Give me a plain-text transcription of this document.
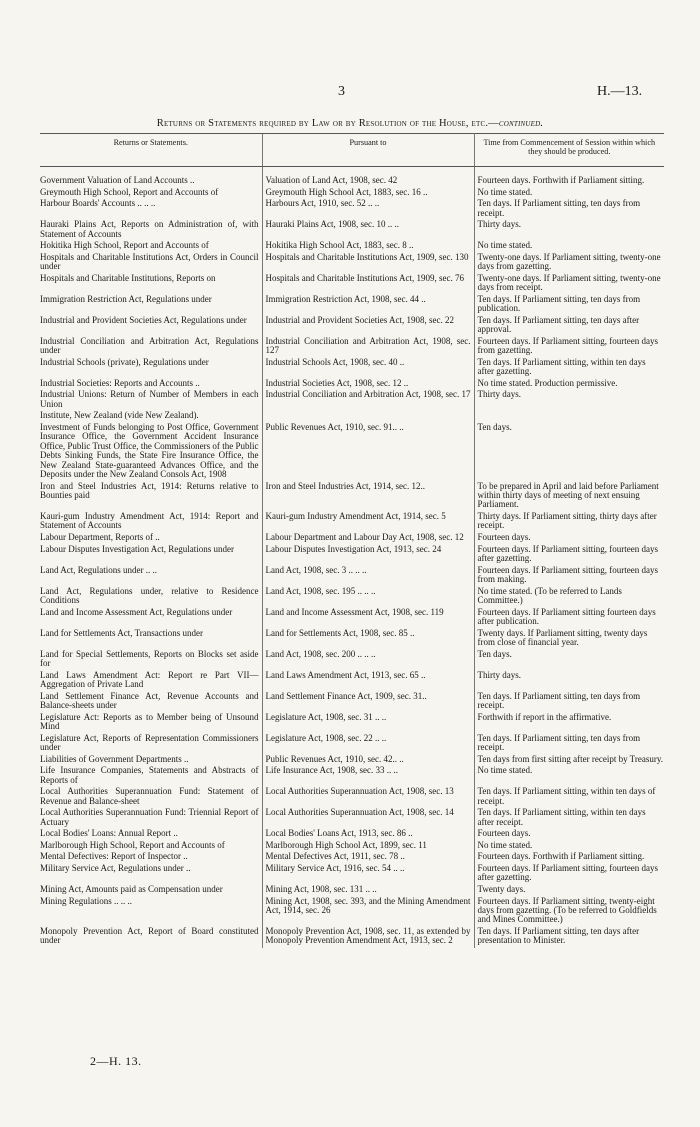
3	H.—13.
Returns or Statements required by Law or by Resolution of the House, etc.—continued.
Returns or Statements.	Pursuant to	Time from Commencement of Session within which they should be produced.
Government Valuation of Land Accounts ..	Valuation of Land Act, 1908, sec. 42	Fourteen days. Forthwith if Parliament sitting.
Greymouth High School, Report and Accounts of	Greymouth High School Act, 1883, sec. 16 ..	No time stated.
Harbour Boards' Accounts .. .. ..	Harbours Act, 1910, sec. 52 .. ..	Ten days. If Parliament sitting, ten days from receipt.
Hauraki Plains Act, Reports on Administration of, with Statement of Accounts	Hauraki Plains Act, 1908, sec. 10 .. ..	Thirty days.
Hokitika High School, Report and Accounts of	Hokitika High School Act, 1883, sec. 8 ..	No time stated.
Hospitals and Charitable Institutions Act, Orders in Council under	Hospitals and Charitable Institutions Act, 1909, sec. 130	Twenty-one days. If Parliament sitting, twenty-one days from gazetting.
Hospitals and Charitable Institutions, Reports on	Hospitals and Charitable Institutions Act, 1909, sec. 76	Twenty-one days. If Parliament sitting, twenty-one days from receipt.
Immigration Restriction Act, Regulations under	Immigration Restriction Act, 1908, sec. 44 ..	Ten days. If Parliament sitting, ten days from publication.
Industrial and Provident Societies Act, Regulations under	Industrial and Provident Societies Act, 1908, sec. 22	Ten days. If Parliament sitting, ten days after approval.
Industrial Conciliation and Arbitration Act, Regulations under	Industrial Conciliation and Arbitration Act, 1908, sec. 127	Fourteen days. If Parliament sitting, fourteen days from gazetting.
Industrial Schools (private), Regulations under	Industrial Schools Act, 1908, sec. 40 ..	Ten days. If Parliament sitting, within ten days after gazetting.
Industrial Societies: Reports and Accounts ..	Industrial Societies Act, 1908, sec. 12 ..	No time stated. Production permissive.
Industrial Unions: Return of Number of Members in each Union	Industrial Conciliation and Arbitration Act, 1908, sec. 17	Thirty days.
Institute, New Zealand (vide New Zealand).		
Investment of Funds belonging to Post Office, Government Insurance Office, the Government Accident Insurance Office, Public Trust Office, the Commissioners of the Public Debts Sinking Funds, the State Fire Insurance Office, the New Zealand State-guaranteed Advances Office, and the Deposits under the New Zealand Consols Act, 1908	Public Revenues Act, 1910, sec. 91.. ..	Ten days.
Iron and Steel Industries Act, 1914: Returns relative to Bounties paid	Iron and Steel Industries Act, 1914, sec. 12..	To be prepared in April and laid before Parliament within thirty days of meeting of next ensuing Parliament.
Kauri-gum Industry Amendment Act, 1914: Report and Statement of Accounts	Kauri-gum Industry Amendment Act, 1914, sec. 5	Thirty days. If Parliament sitting, thirty days after receipt.
Labour Department, Reports of ..	Labour Department and Labour Day Act, 1908, sec. 12	Fourteen days.
Labour Disputes Investigation Act, Regulations under	Labour Disputes Investigation Act, 1913, sec. 24	Fourteen days. If Parliament sitting, fourteen days after gazetting.
Land Act, Regulations under .. ..	Land Act, 1908, sec. 3 .. .. ..	Fourteen days. If Parliament sitting, fourteen days from making.
Land Act, Regulations under, relative to Residence Conditions	Land Act, 1908, sec. 195 .. .. ..	No time stated. (To be referred to Lands Committee.)
Land and Income Assessment Act, Regulations under	Land and Income Assessment Act, 1908, sec. 119	Fourteen days. If Parliament sitting fourteen days after publication.
Land for Settlements Act, Transactions under	Land for Settlements Act, 1908, sec. 85 ..	Twenty days. If Parliament sitting, twenty days from close of financial year.
Land for Special Settlements, Reports on Blocks set aside for	Land Act, 1908, sec. 200 .. .. ..	Ten days.
Land Laws Amendment Act: Report re Part VII—Aggregation of Private Land	Land Laws Amendment Act, 1913, sec. 65 ..	Thirty days.
Land Settlement Finance Act, Revenue Accounts and Balance-sheets under	Land Settlement Finance Act, 1909, sec. 31..	Ten days. If Parliament sitting, ten days from receipt.
Legislature Act: Reports as to Member being of Unsound Mind	Legislature Act, 1908, sec. 31 .. ..	Forthwith if report in the affirmative.
Legislature Act, Reports of Representation Commissioners under	Legislature Act, 1908, sec. 22 .. ..	Ten days. If Parliament sitting, ten days from receipt.
Liabilities of Government Departments ..	Public Revenues Act, 1910, sec. 42.. ..	Ten days from first sitting after receipt by Treasury.
Life Insurance Companies, Statements and Abstracts of Reports of	Life Insurance Act, 1908, sec. 33 .. ..	No time stated.
Local Authorities Superannuation Fund: Statement of Revenue and Balance-sheet	Local Authorities Superannuation Act, 1908, sec. 13	Ten days. If Parliament sitting, within ten days of receipt.
Local Authorities Superannuation Fund: Triennial Report of Actuary	Local Authorities Superannuation Act, 1908, sec. 14	Ten days. If Parliament sitting, within ten days after receipt.
Local Bodies' Loans: Annual Report ..	Local Bodies' Loans Act, 1913, sec. 86 ..	Fourteen days.
Marlborough High School, Report and Accounts of	Marlborough High School Act, 1899, sec. 11	No time stated.
Mental Defectives: Report of Inspector ..	Mental Defectives Act, 1911, sec. 78 ..	Fourteen days. Forthwith if Parliament sitting.
Military Service Act, Regulations under ..	Military Service Act, 1916, sec. 54 .. ..	Fourteen days. If Parliament sitting, fourteen days after gazetting.
Mining Act, Amounts paid as Compensation under	Mining Act, 1908, sec. 131 .. ..	Twenty days.
Mining Regulations .. .. ..	Mining Act, 1908, sec. 393, and the Mining Amendment Act, 1914, sec. 26	Fourteen days. If Parliament sitting, twenty-eight days from gazetting. (To be referred to Goldfields and Mines Committee.)
Monopoly Prevention Act, Report of Board constituted under	Monopoly Prevention Act, 1908, sec. 11, as extended by Monopoly Prevention Amendment Act, 1913, sec. 2	Ten days. If Parliament sitting, ten days after presentation to Minister.
2—H. 13.
